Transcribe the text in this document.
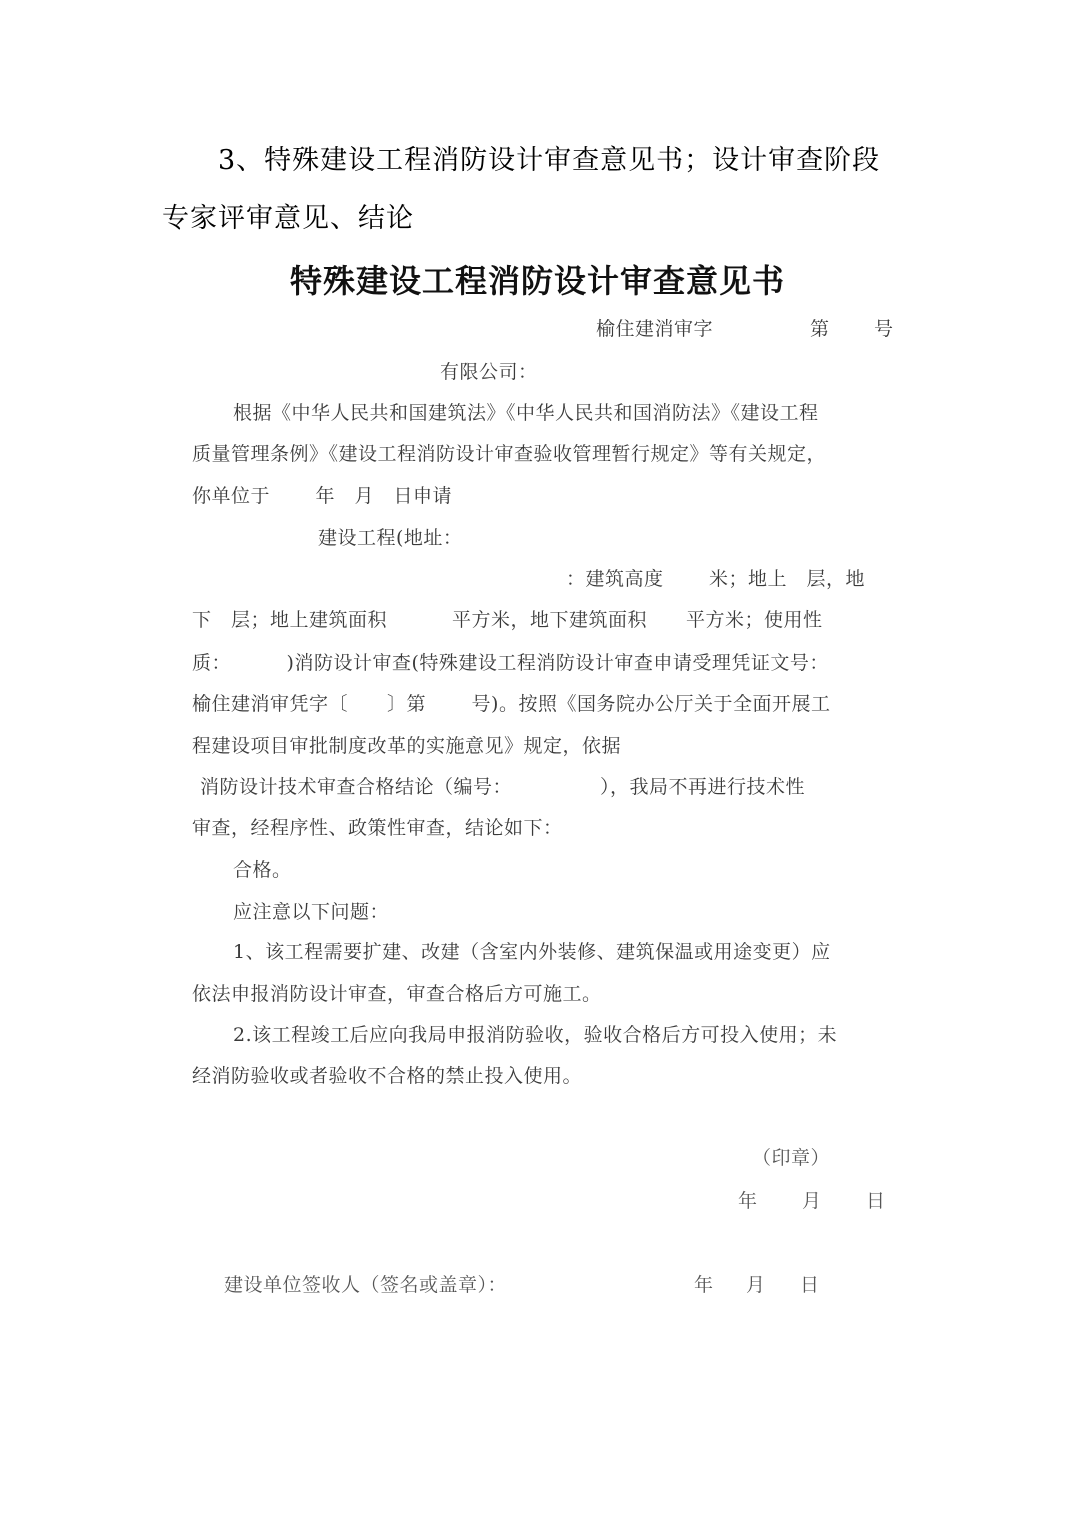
3、特殊建设工程消防设计审查意见书；设计审查阶段
专家评审意见、结论
特殊建设工程消防设计审查意见书
榆住建消审字	第 号
有限公司：
根据《中华人民共和国建筑法》《中华人民共和国消防法》《建设工程
质量管理条例》《建设工程消防设计审查验收管理暂行规定》等有关规定，
你单位于　　 年　月　日申请
建设工程(地址：
：建筑高度　　 米；地上　层，地
下　层；地上建筑面积　　　 平方米，地下建筑面积　　平方米；使用性
质：　　　 )消防设计审查(特殊建设工程消防设计审查申请受理凭证文号：
榆住建消审凭字〔　　〕第　　 号)。按照《国务院办公厅关于全面开展工
程建设项目审批制度改革的实施意见》规定，依据
消防设计技术审查合格结论（编号：　　　　　），我局不再进行技术性
审查，经程序性、政策性审查，结论如下：
合格。
应注意以下问题：
1、该工程需要扩建、改建（含室内外装修、建筑保温或用途变更）应
依法申报消防设计审查，审查合格后方可施工。
2.该工程竣工后应向我局申报消防验收，验收合格后方可投入使用；未
经消防验收或者验收不合格的禁止投入使用。
（印章）
年 月 日
建设单位签收人（签名或盖章）：	年 月 日
